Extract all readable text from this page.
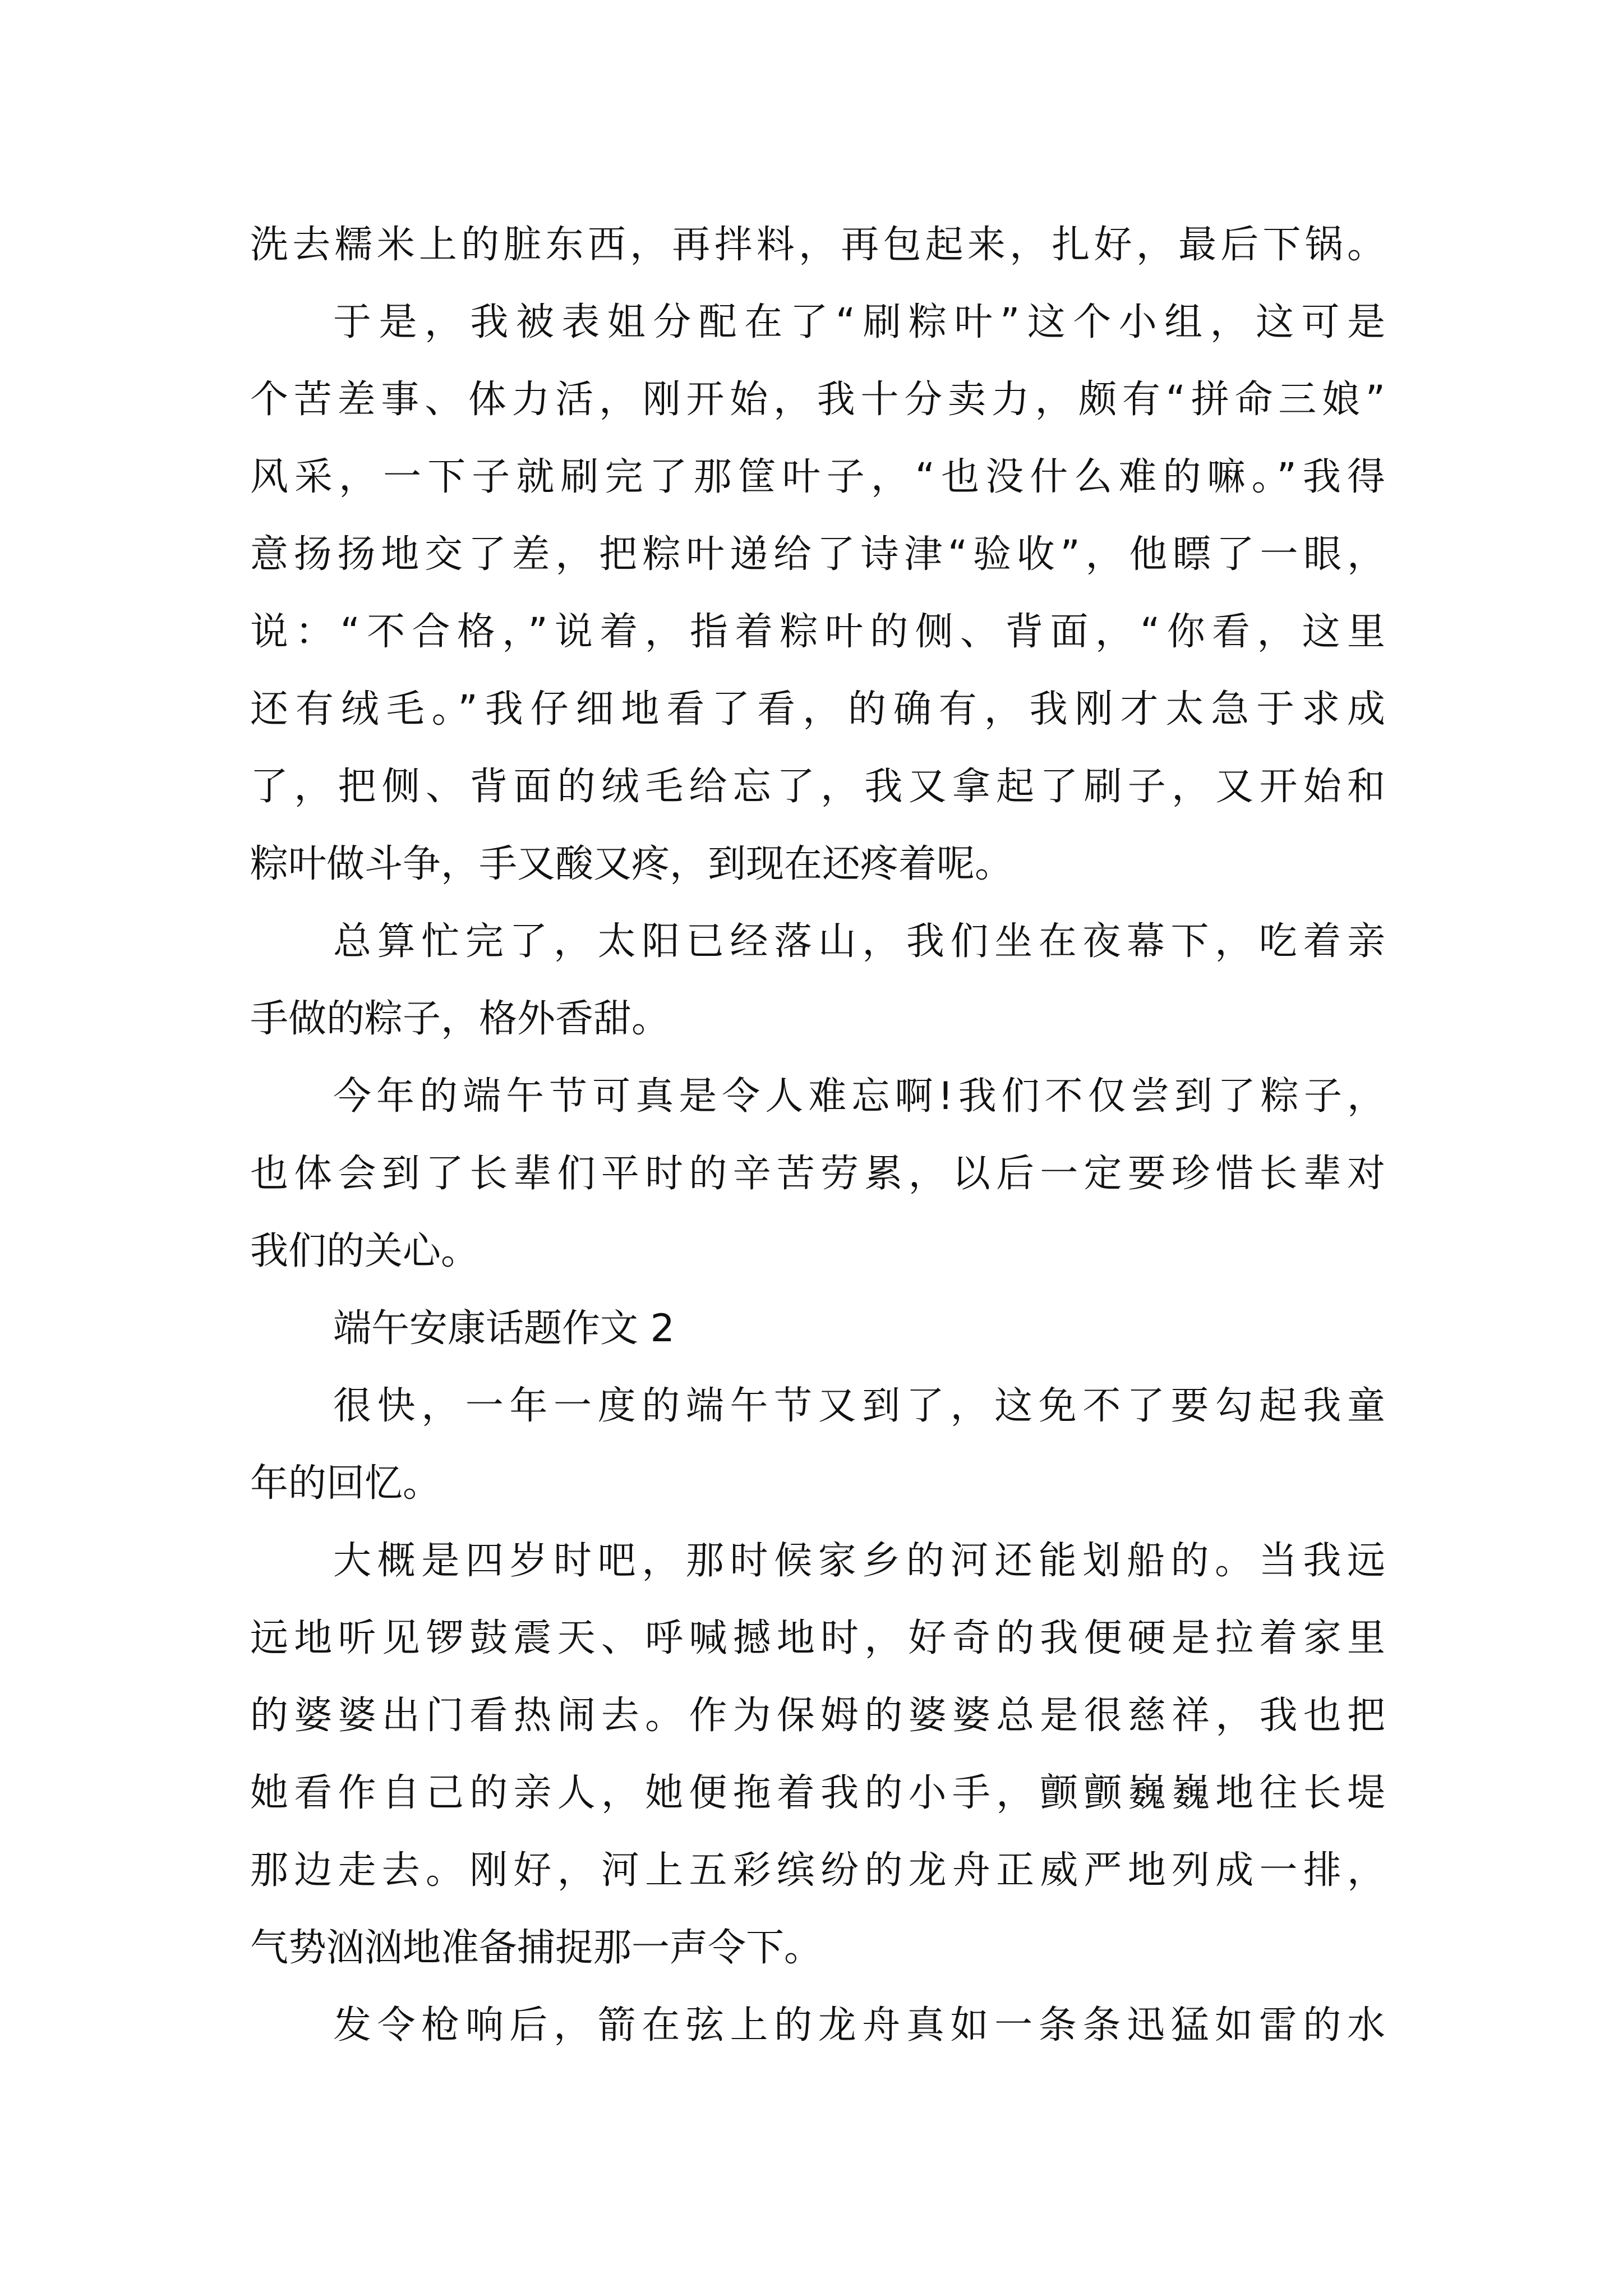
洗去糯米上的脏东西，再拌料，再包起来，扎好，最后下锅。
于是，我被表姐分配在了“刷粽叶”这个小组，这可是
个苦差事、体力活，刚开始，我十分卖力，颇有“拼命三娘”
风采，一下子就刷完了那筐叶子，“也没什么难的嘛。”我得
意扬扬地交了差，把粽叶递给了诗津“验收”，他瞟了一眼，
说：“不合格，”说着，指着粽叶的侧、背面，“你看，这里
还有绒毛。”我仔细地看了看，的确有，我刚才太急于求成
了，把侧、背面的绒毛给忘了，我又拿起了刷子，又开始和
粽叶做斗争，手又酸又疼，到现在还疼着呢。
总算忙完了，太阳已经落山，我们坐在夜幕下，吃着亲
手做的粽子，格外香甜。
今年的端午节可真是令人难忘啊!我们不仅尝到了粽子，
也体会到了长辈们平时的辛苦劳累，以后一定要珍惜长辈对
我们的关心。
端午安康话题作文 2
很快，一年一度的端午节又到了，这免不了要勾起我童
年的回忆。
大概是四岁时吧，那时候家乡的河还能划船的。当我远
远地听见锣鼓震天、呼喊撼地时，好奇的我便硬是拉着家里
的婆婆出门看热闹去。作为保姆的婆婆总是很慈祥，我也把
她看作自己的亲人，她便拖着我的小手，颤颤巍巍地往长堤
那边走去。刚好，河上五彩缤纷的龙舟正威严地列成一排，
气势汹汹地准备捕捉那一声令下。
发令枪响后，箭在弦上的龙舟真如一条条迅猛如雷的水
